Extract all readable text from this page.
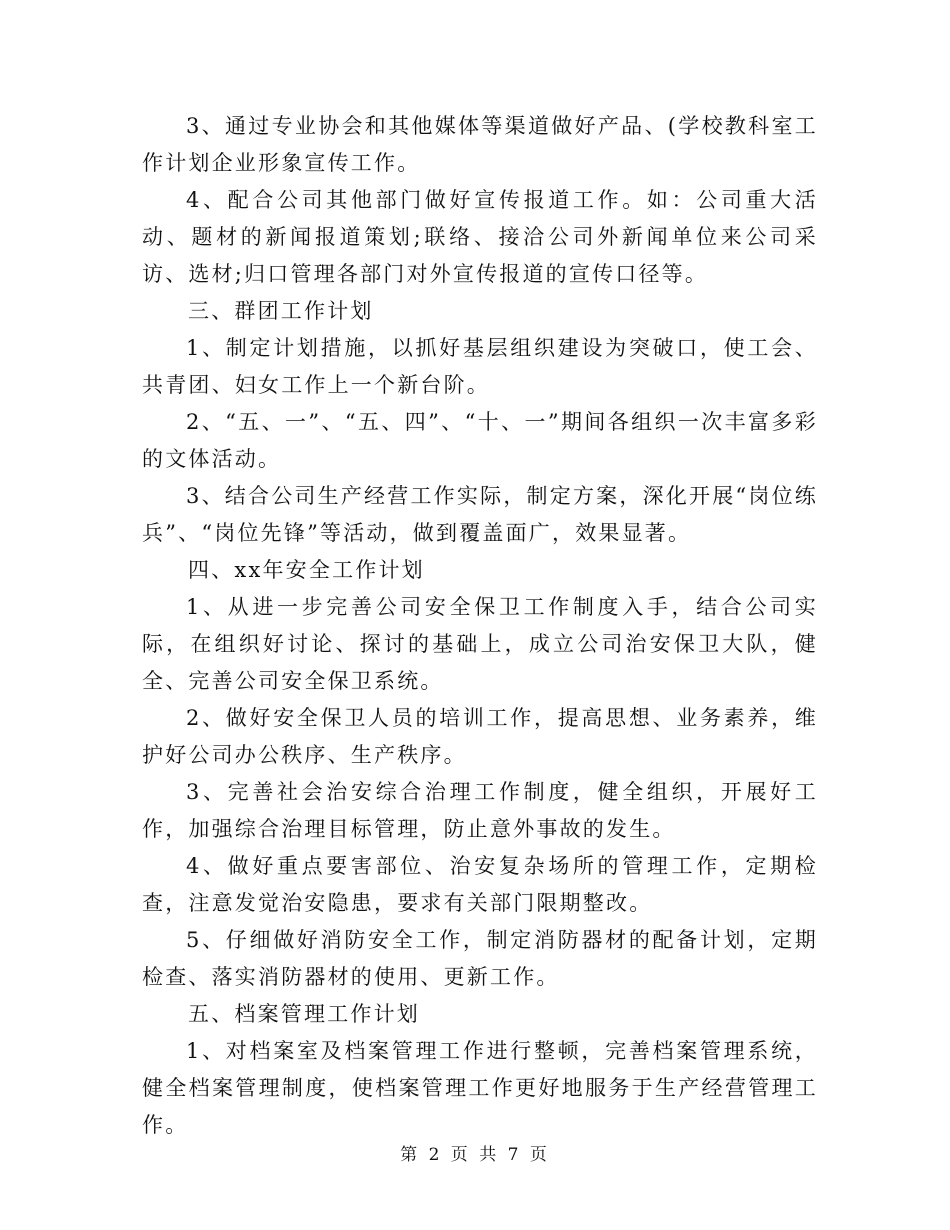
3、通过专业协会和其他媒体等渠道做好产品、(学校教科室工作计划企业形象宣传工作。

4、配合公司其他部门做好宣传报道工作。如：公司重大活动、题材的新闻报道策划;联络、接洽公司外新闻单位来公司采访、选材;归口管理各部门对外宣传报道的宣传口径等。

三、群团工作计划

1、制定计划措施，以抓好基层组织建设为突破口，使工会、共青团、妇女工作上一个新台阶。

2、“五、一”、“五、四”、“十、一”期间各组织一次丰富多彩的文体活动。

3、结合公司生产经营工作实际，制定方案，深化开展“岗位练兵”、“岗位先锋”等活动，做到覆盖面广，效果显著。

四、xx年安全工作计划

1、从进一步完善公司安全保卫工作制度入手，结合公司实际，在组织好讨论、探讨的基础上，成立公司治安保卫大队，健全、完善公司安全保卫系统。

2、做好安全保卫人员的培训工作，提高思想、业务素养，维护好公司办公秩序、生产秩序。

3、完善社会治安综合治理工作制度，健全组织，开展好工作，加强综合治理目标管理，防止意外事故的发生。

4、做好重点要害部位、治安复杂场所的管理工作，定期检查，注意发觉治安隐患，要求有关部门限期整改。

5、仔细做好消防安全工作，制定消防器材的配备计划，定期检查、落实消防器材的使用、更新工作。

五、档案管理工作计划

1、对档案室及档案管理工作进行整顿，完善档案管理系统，健全档案管理制度，使档案管理工作更好地服务于生产经营管理工作。

第 2 页 共 7 页
